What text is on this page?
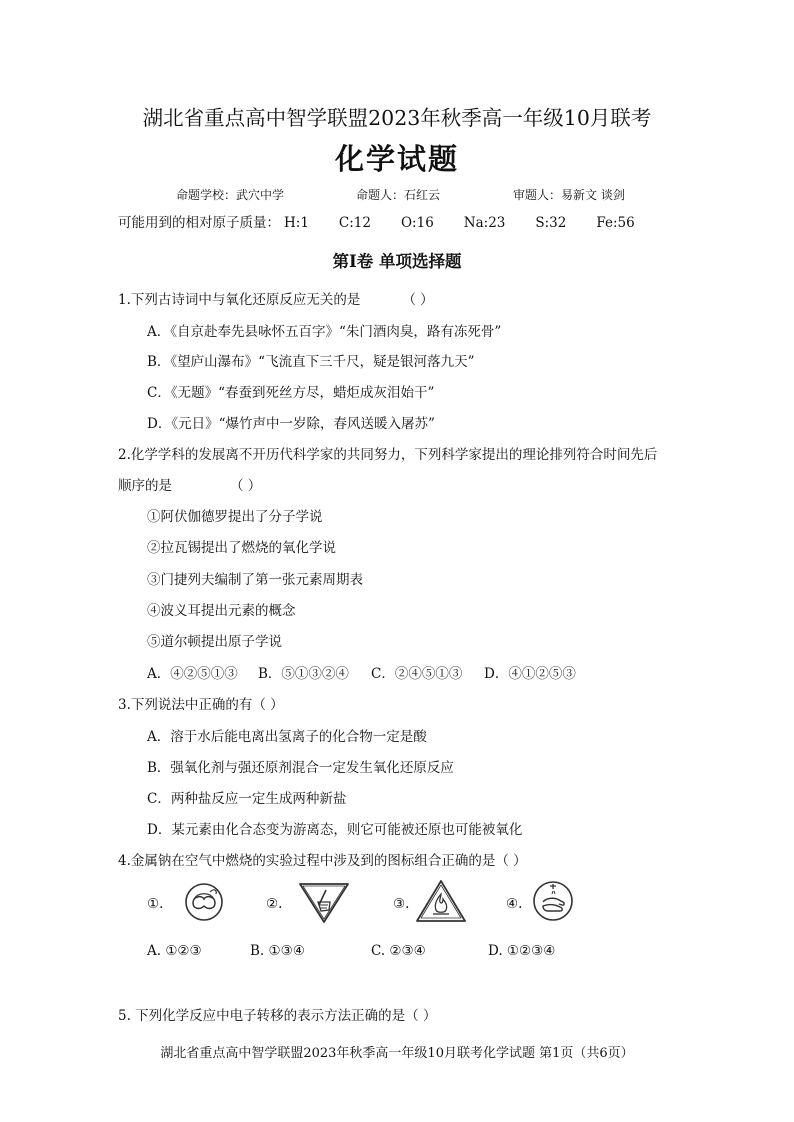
湖北省重点高中智学联盟2023年秋季高一年级10月联考
化学试题
命题学校：武穴中学	命题人：石红云	审题人：易新文 谈剑
可能用到的相对原子质量： H:1 C:12 O:16 Na:23 S:32 Fe:56
第I卷 单项选择题
1.下列古诗词中与氧化还原反应无关的是	（ ）
A．《自京赴奉先县咏怀五百字》“朱门酒肉臭，路有冻死骨”
B．《望庐山瀑布》“飞流直下三千尺，疑是银河落九天”
C．《无题》“春蚕到死丝方尽，蜡炬成灰泪始干”
D．《元日》“爆竹声中一岁除，春风送暖入屠苏”
2.化学学科的发展离不开历代科学家的共同努力，下列科学家提出的理论排列符合时间先后
顺序的是	（ ）
①阿伏伽德罗提出了分子学说
②拉瓦锡提出了燃烧的氧化学说
③门捷列夫编制了第一张元素周期表
④波义耳提出元素的概念
⑤道尔顿提出原子学说
A．④②⑤①③ B．⑤①③②④ C．②④⑤①③ D．④①②⑤③
3.下列说法中正确的有（ ）
A．溶于水后能电离出氢离子的化合物一定是酸
B．强氧化剂与强还原剂混合一定发生氧化还原反应
C．两种盐反应一定生成两种新盐
D．某元素由化合态变为游离态，则它可能被还原也可能被氧化
4.金属钠在空气中燃烧的实验过程中涉及到的图标组合正确的是（ ）
①.	②.	③.	④.
A. ①②③	B. ①③④	C. ②③④	D. ①②③④
5. 下列化学反应中电子转移的表示方法正确的是（ ）
湖北省重点高中智学联盟2023年秋季高一年级10月联考化学试题 第1页（共6页）
